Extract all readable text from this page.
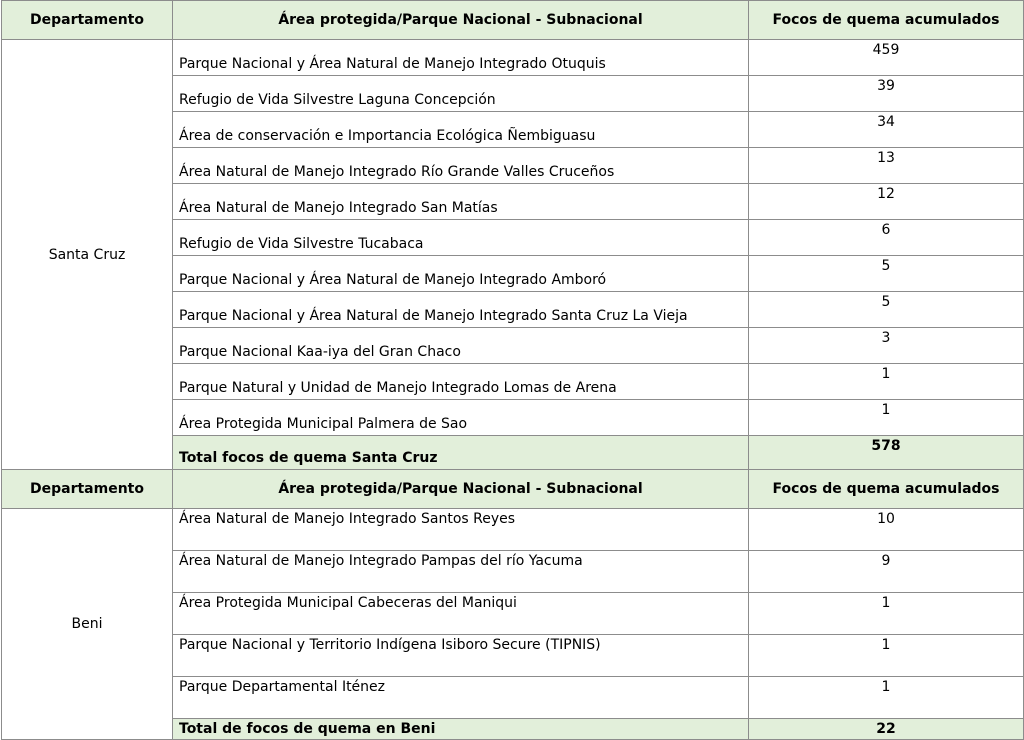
Departamento	Área protegida/Parque Nacional - Subnacional	Focos de quema acumulados
Santa Cruz	Parque Nacional y Área Natural de Manejo Integrado Otuquis	459
	Refugio de Vida Silvestre Laguna Concepción	39
	Área de conservación e Importancia Ecológica Ñembiguasu	34
	Área Natural de Manejo Integrado Río Grande Valles Cruceños	13
	Área Natural de Manejo Integrado San Matías	12
	Refugio de Vida Silvestre Tucabaca	6
	Parque Nacional y Área Natural de Manejo Integrado Amboró	5
	Parque Nacional y Área Natural de Manejo Integrado Santa Cruz La Vieja	5
	Parque Nacional Kaa-iya del Gran Chaco	3
	Parque Natural y Unidad de Manejo Integrado Lomas de Arena	1
	Área Protegida Municipal Palmera de Sao	1
	Total focos de quema Santa Cruz	578
Departamento	Área protegida/Parque Nacional - Subnacional	Focos de quema acumulados
Beni	Área Natural de Manejo Integrado Santos Reyes	10
	Área Natural de Manejo Integrado Pampas del río Yacuma	9
	Área Protegida Municipal Cabeceras del Maniqui	1
	Parque Nacional y Territorio Indígena Isiboro Secure (TIPNIS)	1
	Parque Departamental Iténez	1
	Total de focos de quema en Beni	22
